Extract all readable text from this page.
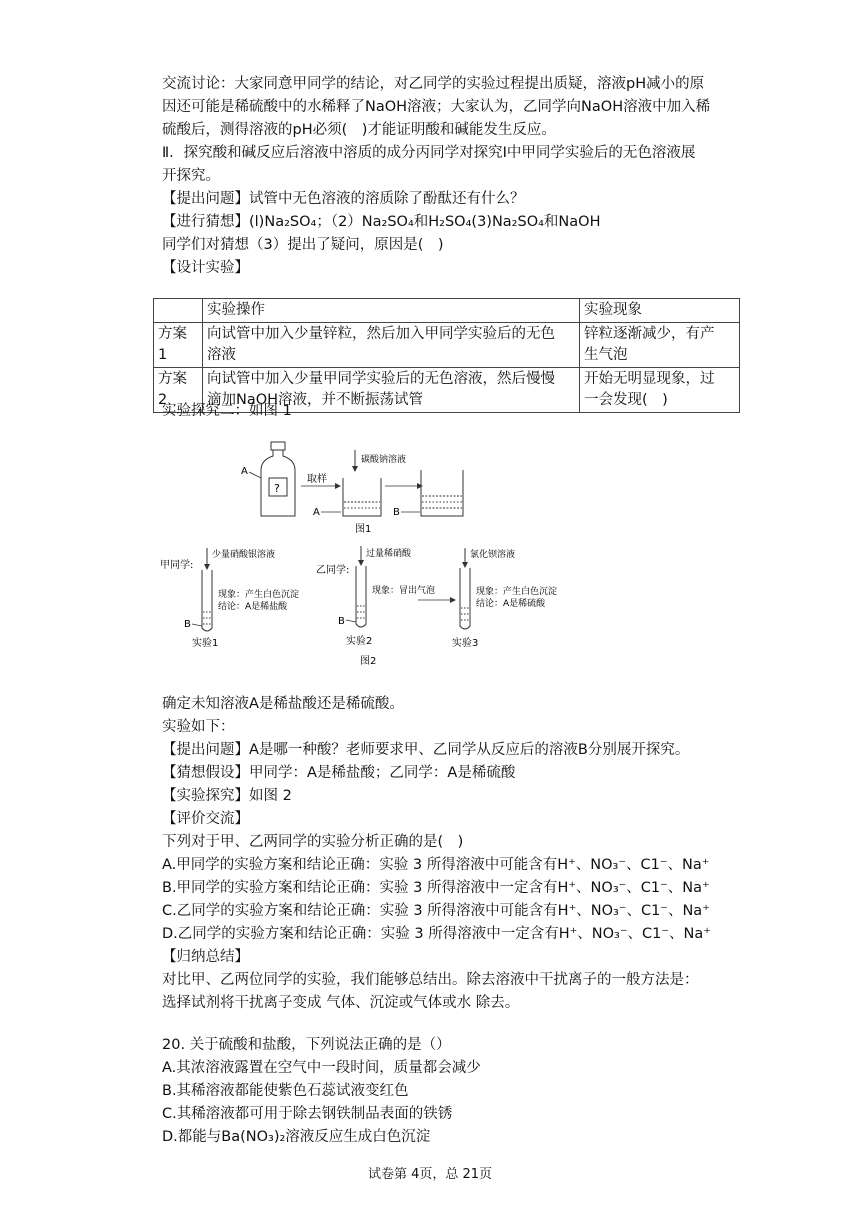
交流讨论：大家同意甲同学的结论，对乙同学的实验过程提出质疑，溶液pH减小的原
因还可能是稀硫酸中的水稀释了NaOH溶液；大家认为，乙同学向NaOH溶液中加入稀
硫酸后，测得溶液的pH必须(　)才能证明酸和碱能发生反应。
Ⅱ．探究酸和碱反应后溶液中溶质的成分丙同学对探究I中甲同学实验后的无色溶液展
开探究。
【提出问题】试管中无色溶液的溶质除了酚酞还有什么？
【进行猜想】(l)Na₂SO₄；（2）Na₂SO₄和H₂SO₄(3)Na₂SO₄和NaOH
同学们对猜想（3）提出了疑问，原因是(　)
【设计实验】
	实验操作	实验现象
方案
1	向试管中加入少量锌粒，然后加入甲同学实验后的无色
溶液	锌粒逐渐减少，有产
生气泡
方案
2	向试管中加入少量甲同学实验后的无色溶液，然后慢慢
滴加NaOH溶液，并不断振荡试管	开始无明显现象，过
一会发现(　)
实验探究二：如图 1
A
?
取样
碳酸钠溶液
A	B
图1
甲同学:
少量硝酸银溶液
现象：产生白色沉淀
结论：A是稀盐酸
B
实验1
乙同学:
过量稀硝酸
现象：冒出气泡
B
实验2
氯化钡溶液
现象：产生白色沉淀
结论：A是稀硫酸
实验3
图2
确定未知溶液A是稀盐酸还是稀硫酸。
实验如下：
【提出问题】A是哪一种酸？老师要求甲、乙同学从反应后的溶液B分别展开探究。
【猜想假设】甲同学：A是稀盐酸；乙同学：A是稀硫酸
【实验探究】如图 2
【评价交流】
下列对于甲、乙两同学的实验分析正确的是(　)
A.甲同学的实验方案和结论正确：实验 3 所得溶液中可能含有H⁺、NO₃⁻、C1⁻、Na⁺
B.甲同学的实验方案和结论正确：实验 3 所得溶液中一定含有H⁺、NO₃⁻、C1⁻、Na⁺
C.乙同学的实验方案和结论正确：实验 3 所得溶液中可能含有H⁺、NO₃⁻、C1⁻、Na⁺
D.乙同学的实验方案和结论正确：实验 3 所得溶液中一定含有H⁺、NO₃⁻、C1⁻、Na⁺
【归纳总结】
对比甲、乙两位同学的实验，我们能够总结出。除去溶液中干扰离子的一般方法是：
选择试剂将干扰离子变成 气体、沉淀或气体或水 除去。
20. 关于硫酸和盐酸，下列说法正确的是（）
A.其浓溶液露置在空气中一段时间，质量都会减少
B.其稀溶液都能使紫色石蕊试液变红色
C.其稀溶液都可用于除去钢铁制品表面的铁锈
D.都能与Ba(NO₃)₂溶液反应生成白色沉淀
试卷第 4页，总 21页
